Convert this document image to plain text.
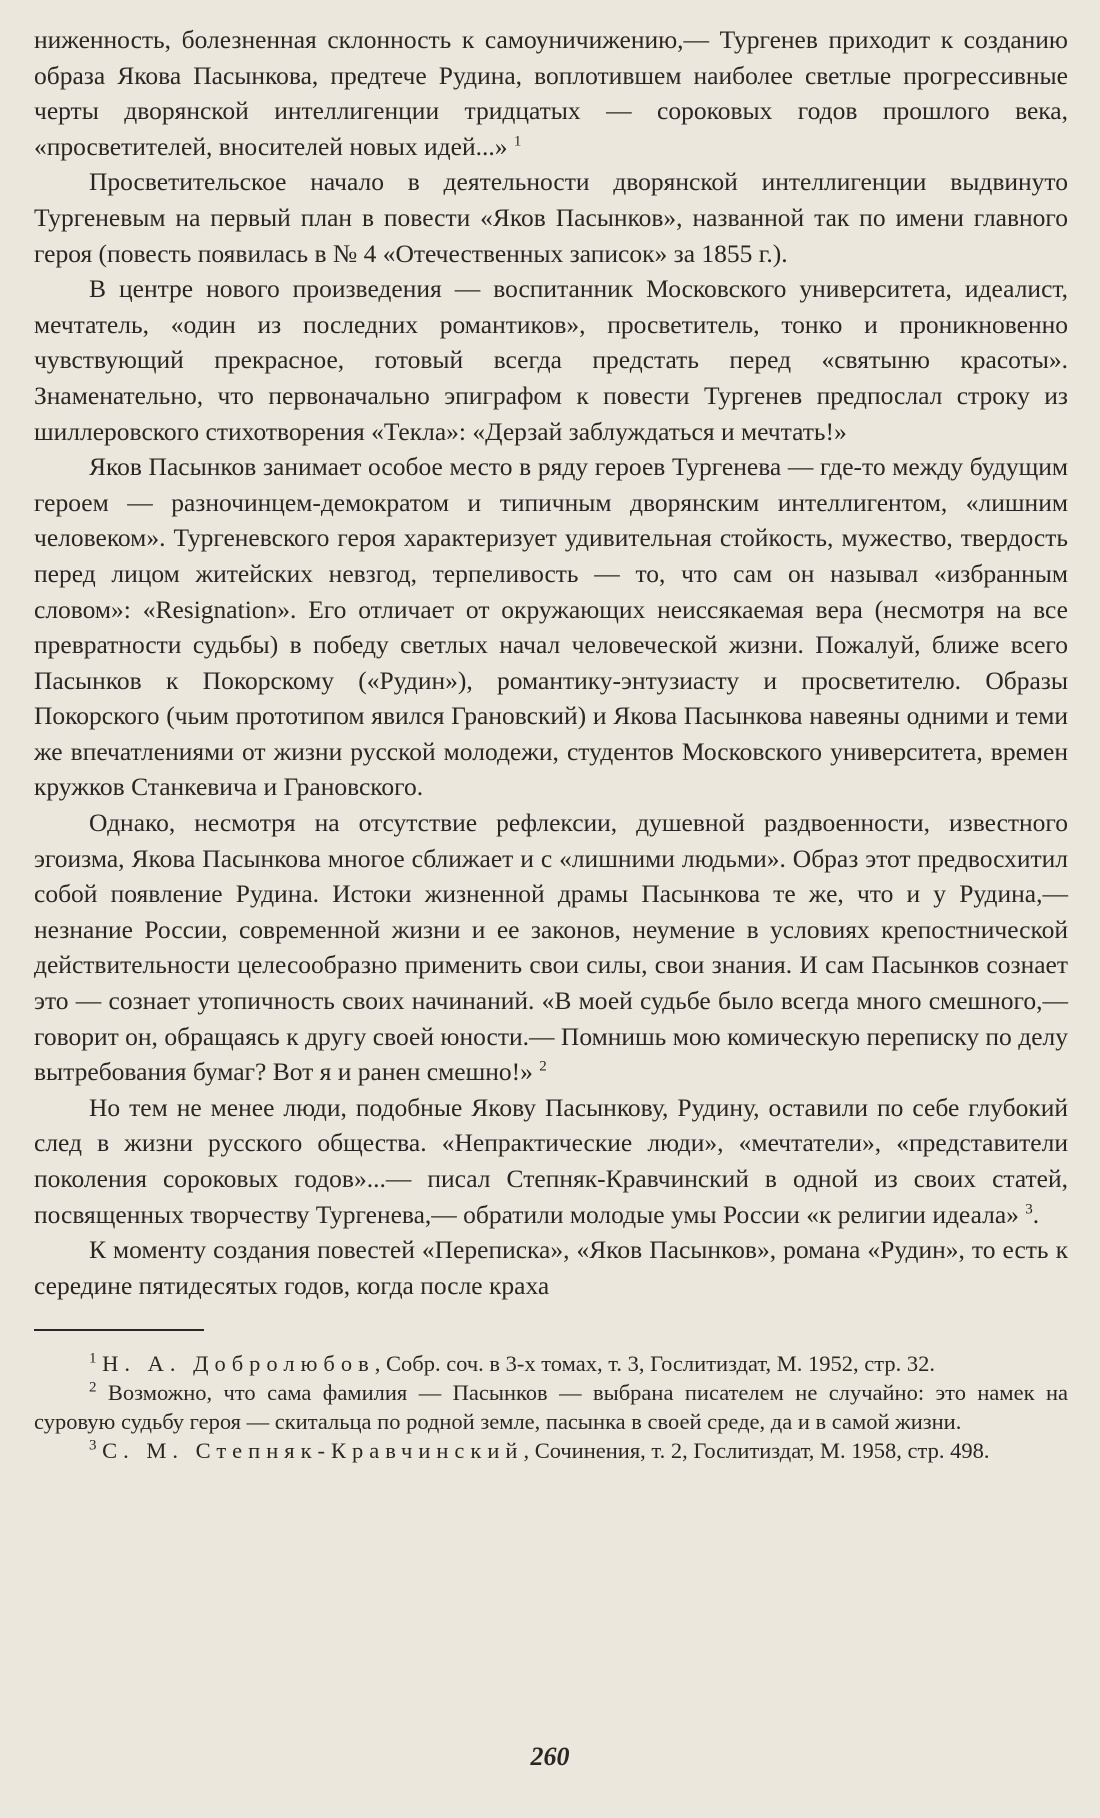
ниженность, болезненная склонность к самоуничижению,— Тургенев приходит к созданию образа Якова Пасынкова, предтече Рудина, воплотившем наиболее светлые прогрессивные черты дворянской интеллигенции тридцатых — сороковых годов прошлого века, «просветителей, вносителей новых идей...» $^1$

Просветительское начало в деятельности дворянской интеллигенции выдвинуто Тургеневым на первый план в повести «Яков Пасынков», названной так по имени главного героя (повесть появилась в № 4 «Отечественных записок» за 1855 г.).

В центре нового произведения — воспитанник Московского университета, идеалист, мечтатель, «один из последних романтиков», просветитель, тонко и проникновенно чувствующий прекрасное, готовый всегда предстать перед «святыню красоты». Знаменательно, что первоначально эпиграфом к повести Тургенев предпослал строку из шиллеровского стихотворения «Текла»: «Дерзай заблуждаться и мечтать!»

Яков Пасынков занимает особое место в ряду героев Тургенева — где-то между будущим героем — разночинцем-демократом и типичным дворянским интеллигентом, «лишним человеком». Тургеневского героя характеризует удивительная стойкость, мужество, твердость перед лицом житейских невзгод, терпеливость — то, что сам он называл «избранным словом»: «Resignation». Его отличает от окружающих неиссякаемая вера (несмотря на все превратности судьбы) в победу светлых начал человеческой жизни. Пожалуй, ближе всего Пасынков к Покорскому («Рудин»), романтику-энтузиасту и просветителю. Образы Покорского (чьим прототипом явился Грановский) и Якова Пасынкова навеяны одними и теми же впечатлениями от жизни русской молодежи, студентов Московского университета, времен кружков Станкевича и Грановского.

Однако, несмотря на отсутствие рефлексии, душевной раздвоенности, известного эгоизма, Якова Пасынкова многое сближает и с «лишними людьми». Образ этот предвосхитил собой появление Рудина. Истоки жизненной драмы Пасынкова те же, что и у Рудина,— незнание России, современной жизни и ее законов, неумение в условиях крепостнической действительности целесообразно применить свои силы, свои знания. И сам Пасынков сознает это — сознает утопичность своих начинаний. «В моей судьбе было всегда много смешного,— говорит он, обращаясь к другу своей юности.— Помнишь мою комическую переписку по делу вытребования бумаг? Вот я и ранен смешно!» $^2$

Но тем не менее люди, подобные Якову Пасынкову, Рудину, оставили по себе глубокий след в жизни русского общества. «Непрактические люди», «мечтатели», «представители поколения сороковых годов»...— писал Степняк-Кравчинский в одной из своих статей, посвященных творчеству Тургенева,— обратили молодые умы России «к религии идеала» $^3$.

К моменту создания повестей «Переписка», «Яков Пасынков», романа «Рудин», то есть к середине пятидесятых годов, когда после краха

$^1$ Н. А. Добролюбов, Собр. соч. в 3-х томах, т. 3, Гослитиздат, М. 1952, стр. 32.

$^2$ Возможно, что сама фамилия — Пасынков — выбрана писателем не случайно: это намек на суровую судьбу героя — скитальца по родной земле, пасынка в своей среде, да и в самой жизни.

$^3$ С. М. Степняк-Кравчинский, Сочинения, т. 2, Гослитиздат, М. 1958, стр. 498.

260
